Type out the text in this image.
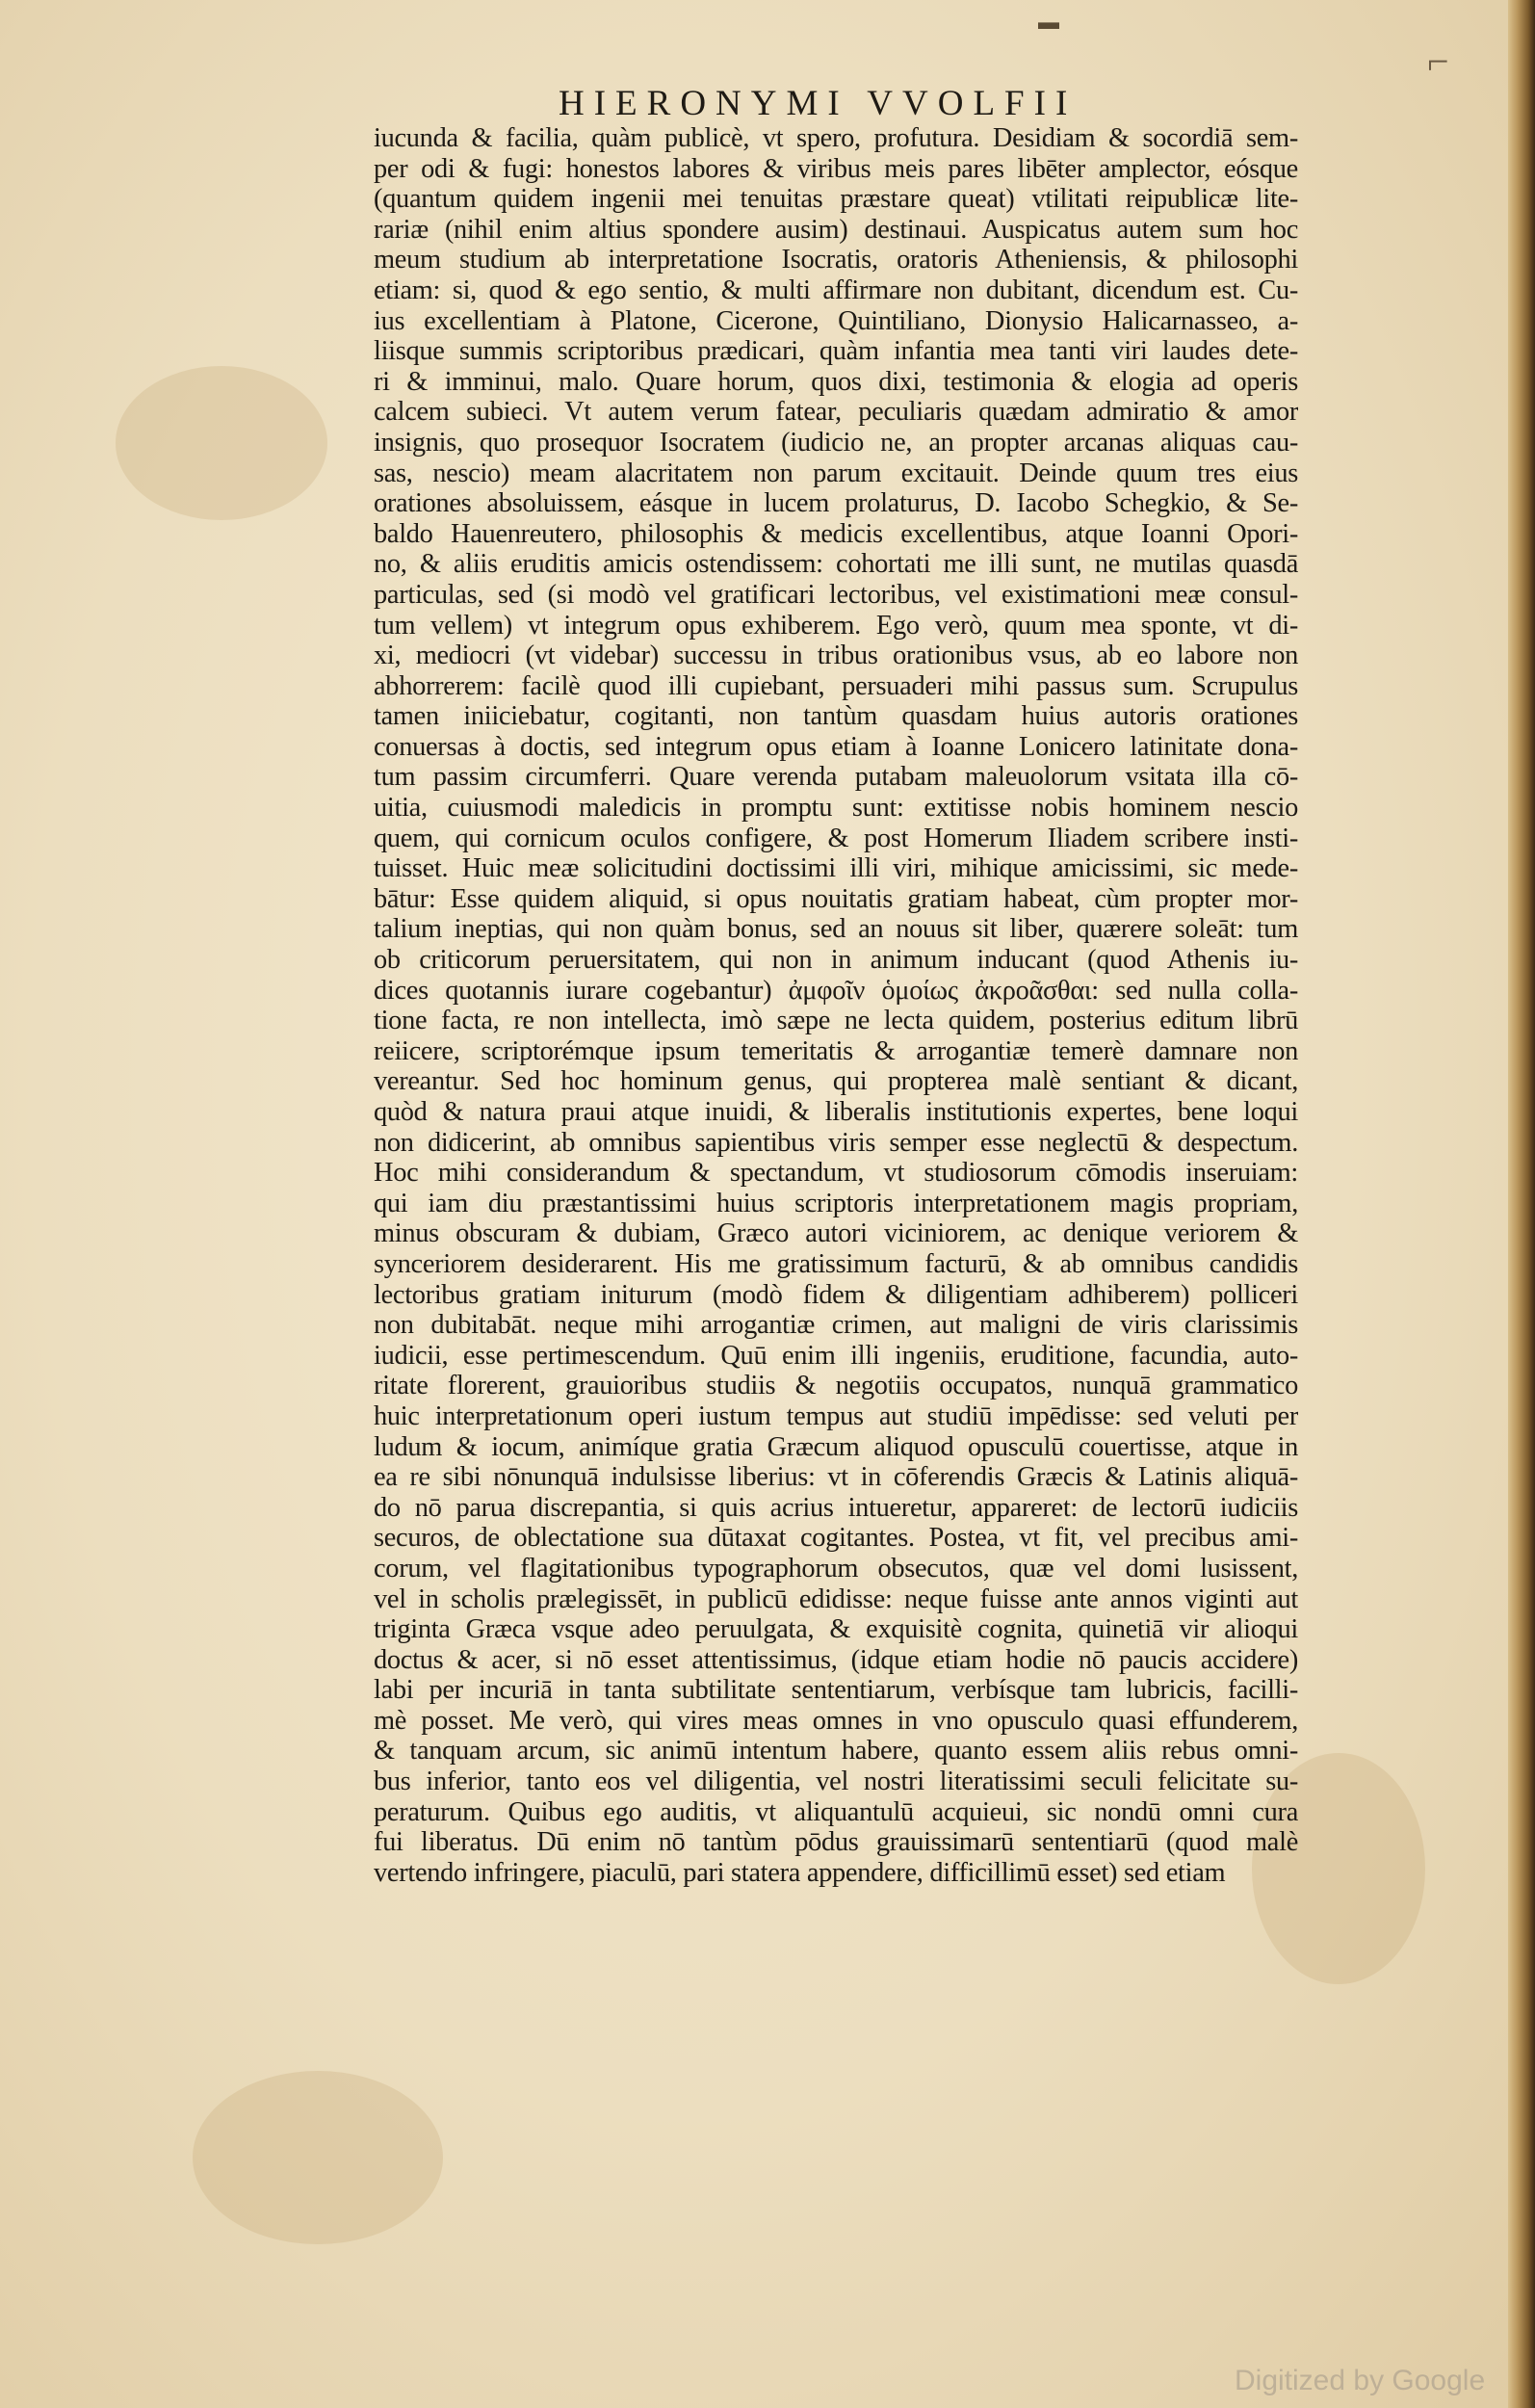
▬
⌐
HIERONYMI VVOLFII
iucunda & facilia, quàm publicè, vt spero, profutura. Desidiam & socordiā sem-
per odi & fugi: honestos labores & viribus meis pares libēter amplector, eósque
(quantum quidem ingenii mei tenuitas præstare queat) vtilitati reipublicæ lite-
rariæ (nihil enim altius spondere ausim) destinaui. Auspicatus autem sum hoc
meum studium ab interpretatione Isocratis, oratoris Atheniensis, & philosophi
etiam: si, quod & ego sentio, & multi affirmare non dubitant, dicendum est. Cu-
ius excellentiam à Platone, Cicerone, Quintiliano, Dionysio Halicarnasseo, a-
liisque summis scriptoribus prædicari, quàm infantia mea tanti viri laudes dete-
ri & imminui, malo. Quare horum, quos dixi, testimonia & elogia ad operis
calcem subieci. Vt autem verum fatear, peculiaris quædam admiratio & amor
insignis, quo prosequor Isocratem (iudicio ne, an propter arcanas aliquas cau-
sas, nescio) meam alacritatem non parum excitauit. Deinde quum tres eius
orationes absoluissem, eásque in lucem prolaturus, D. Iacobo Schegkio, & Se-
baldo Hauenreutero, philosophis & medicis excellentibus, atque Ioanni Opori-
no, & aliis eruditis amicis ostendissem: cohortati me illi sunt, ne mutilas quasdā
particulas, sed (si modò vel gratificari lectoribus, vel existimationi meæ consul-
tum vellem) vt integrum opus exhiberem. Ego verò, quum mea sponte, vt di-
xi, mediocri (vt videbar) successu in tribus orationibus vsus, ab eo labore non
abhorrerem: facilè quod illi cupiebant, persuaderi mihi passus sum. Scrupulus
tamen iniiciebatur, cogitanti, non tantùm quasdam huius autoris orationes
conuersas à doctis, sed integrum opus etiam à Ioanne Lonicero latinitate dona-
tum passim circumferri. Quare verenda putabam maleuolorum vsitata illa cō-
uitia, cuiusmodi maledicis in promptu sunt: extitisse nobis hominem nescio
quem, qui cornicum oculos configere, & post Homerum Iliadem scribere insti-
tuisset. Huic meæ solicitudini doctissimi illi viri, mihique amicissimi, sic mede-
bātur: Esse quidem aliquid, si opus nouitatis gratiam habeat, cùm propter mor-
talium ineptias, qui non quàm bonus, sed an nouus sit liber, quærere soleāt: tum
ob criticorum peruersitatem, qui non in animum inducant (quod Athenis iu-
dices quotannis iurare cogebantur) ἀμφοῖν ὁμοίως ἀκροᾶσθαι: sed nulla colla-
tione facta, re non intellecta, imò sæpe ne lecta quidem, posterius editum librū
reiicere, scriptorémque ipsum temeritatis & arrogantiæ temerè damnare non
vereantur. Sed hoc hominum genus, qui propterea malè sentiant & dicant,
quòd & natura praui atque inuidi, & liberalis institutionis expertes, bene loqui
non didicerint, ab omnibus sapientibus viris semper esse neglectū & despectum.
Hoc mihi considerandum & spectandum, vt studiosorum cōmodis inseruiam:
qui iam diu præstantissimi huius scriptoris interpretationem magis propriam,
minus obscuram & dubiam, Græco autori viciniorem, ac denique veriorem &
synceriorem desiderarent. His me gratissimum facturū, & ab omnibus candidis
lectoribus gratiam initurum (modò fidem & diligentiam adhiberem) polliceri
non dubitabāt. neque mihi arrogantiæ crimen, aut maligni de viris clarissimis
iudicii, esse pertimescendum. Quū enim illi ingeniis, eruditione, facundia, auto-
ritate florerent, grauioribus studiis & negotiis occupatos, nunquā grammatico
huic interpretationum operi iustum tempus aut studiū impēdisse: sed veluti per
ludum & iocum, animíque gratia Græcum aliquod opusculū couertisse, atque in
ea re sibi nōnunquā indulsisse liberius: vt in cōferendis Græcis & Latinis aliquā-
do nō parua discrepantia, si quis acrius intueretur, appareret: de lectorū iudiciis
securos, de oblectatione sua dūtaxat cogitantes. Postea, vt fit, vel precibus ami-
corum, vel flagitationibus typographorum obsecutos, quæ vel domi lusissent,
vel in scholis prælegissēt, in publicū edidisse: neque fuisse ante annos viginti aut
triginta Græca vsque adeo peruulgata, & exquisitè cognita, quinetiā vir alioqui
doctus & acer, si nō esset attentissimus, (idque etiam hodie nō paucis accidere)
labi per incuriā in tanta subtilitate sententiarum, verbísque tam lubricis, facilli-
mè posset. Me verò, qui vires meas omnes in vno opusculo quasi effunderem,
& tanquam arcum, sic animū intentum habere, quanto essem aliis rebus omni-
bus inferior, tanto eos vel diligentia, vel nostri literatissimi seculi felicitate su-
peraturum. Quibus ego auditis, vt aliquantulū acquieui, sic nondū omni cura
fui liberatus. Dū enim nō tantùm pōdus grauissimarū sententiarū (quod malè
vertendo infringere, piaculū, pari statera appendere, difficillimū esset) sed etiam
Digitized by Google
